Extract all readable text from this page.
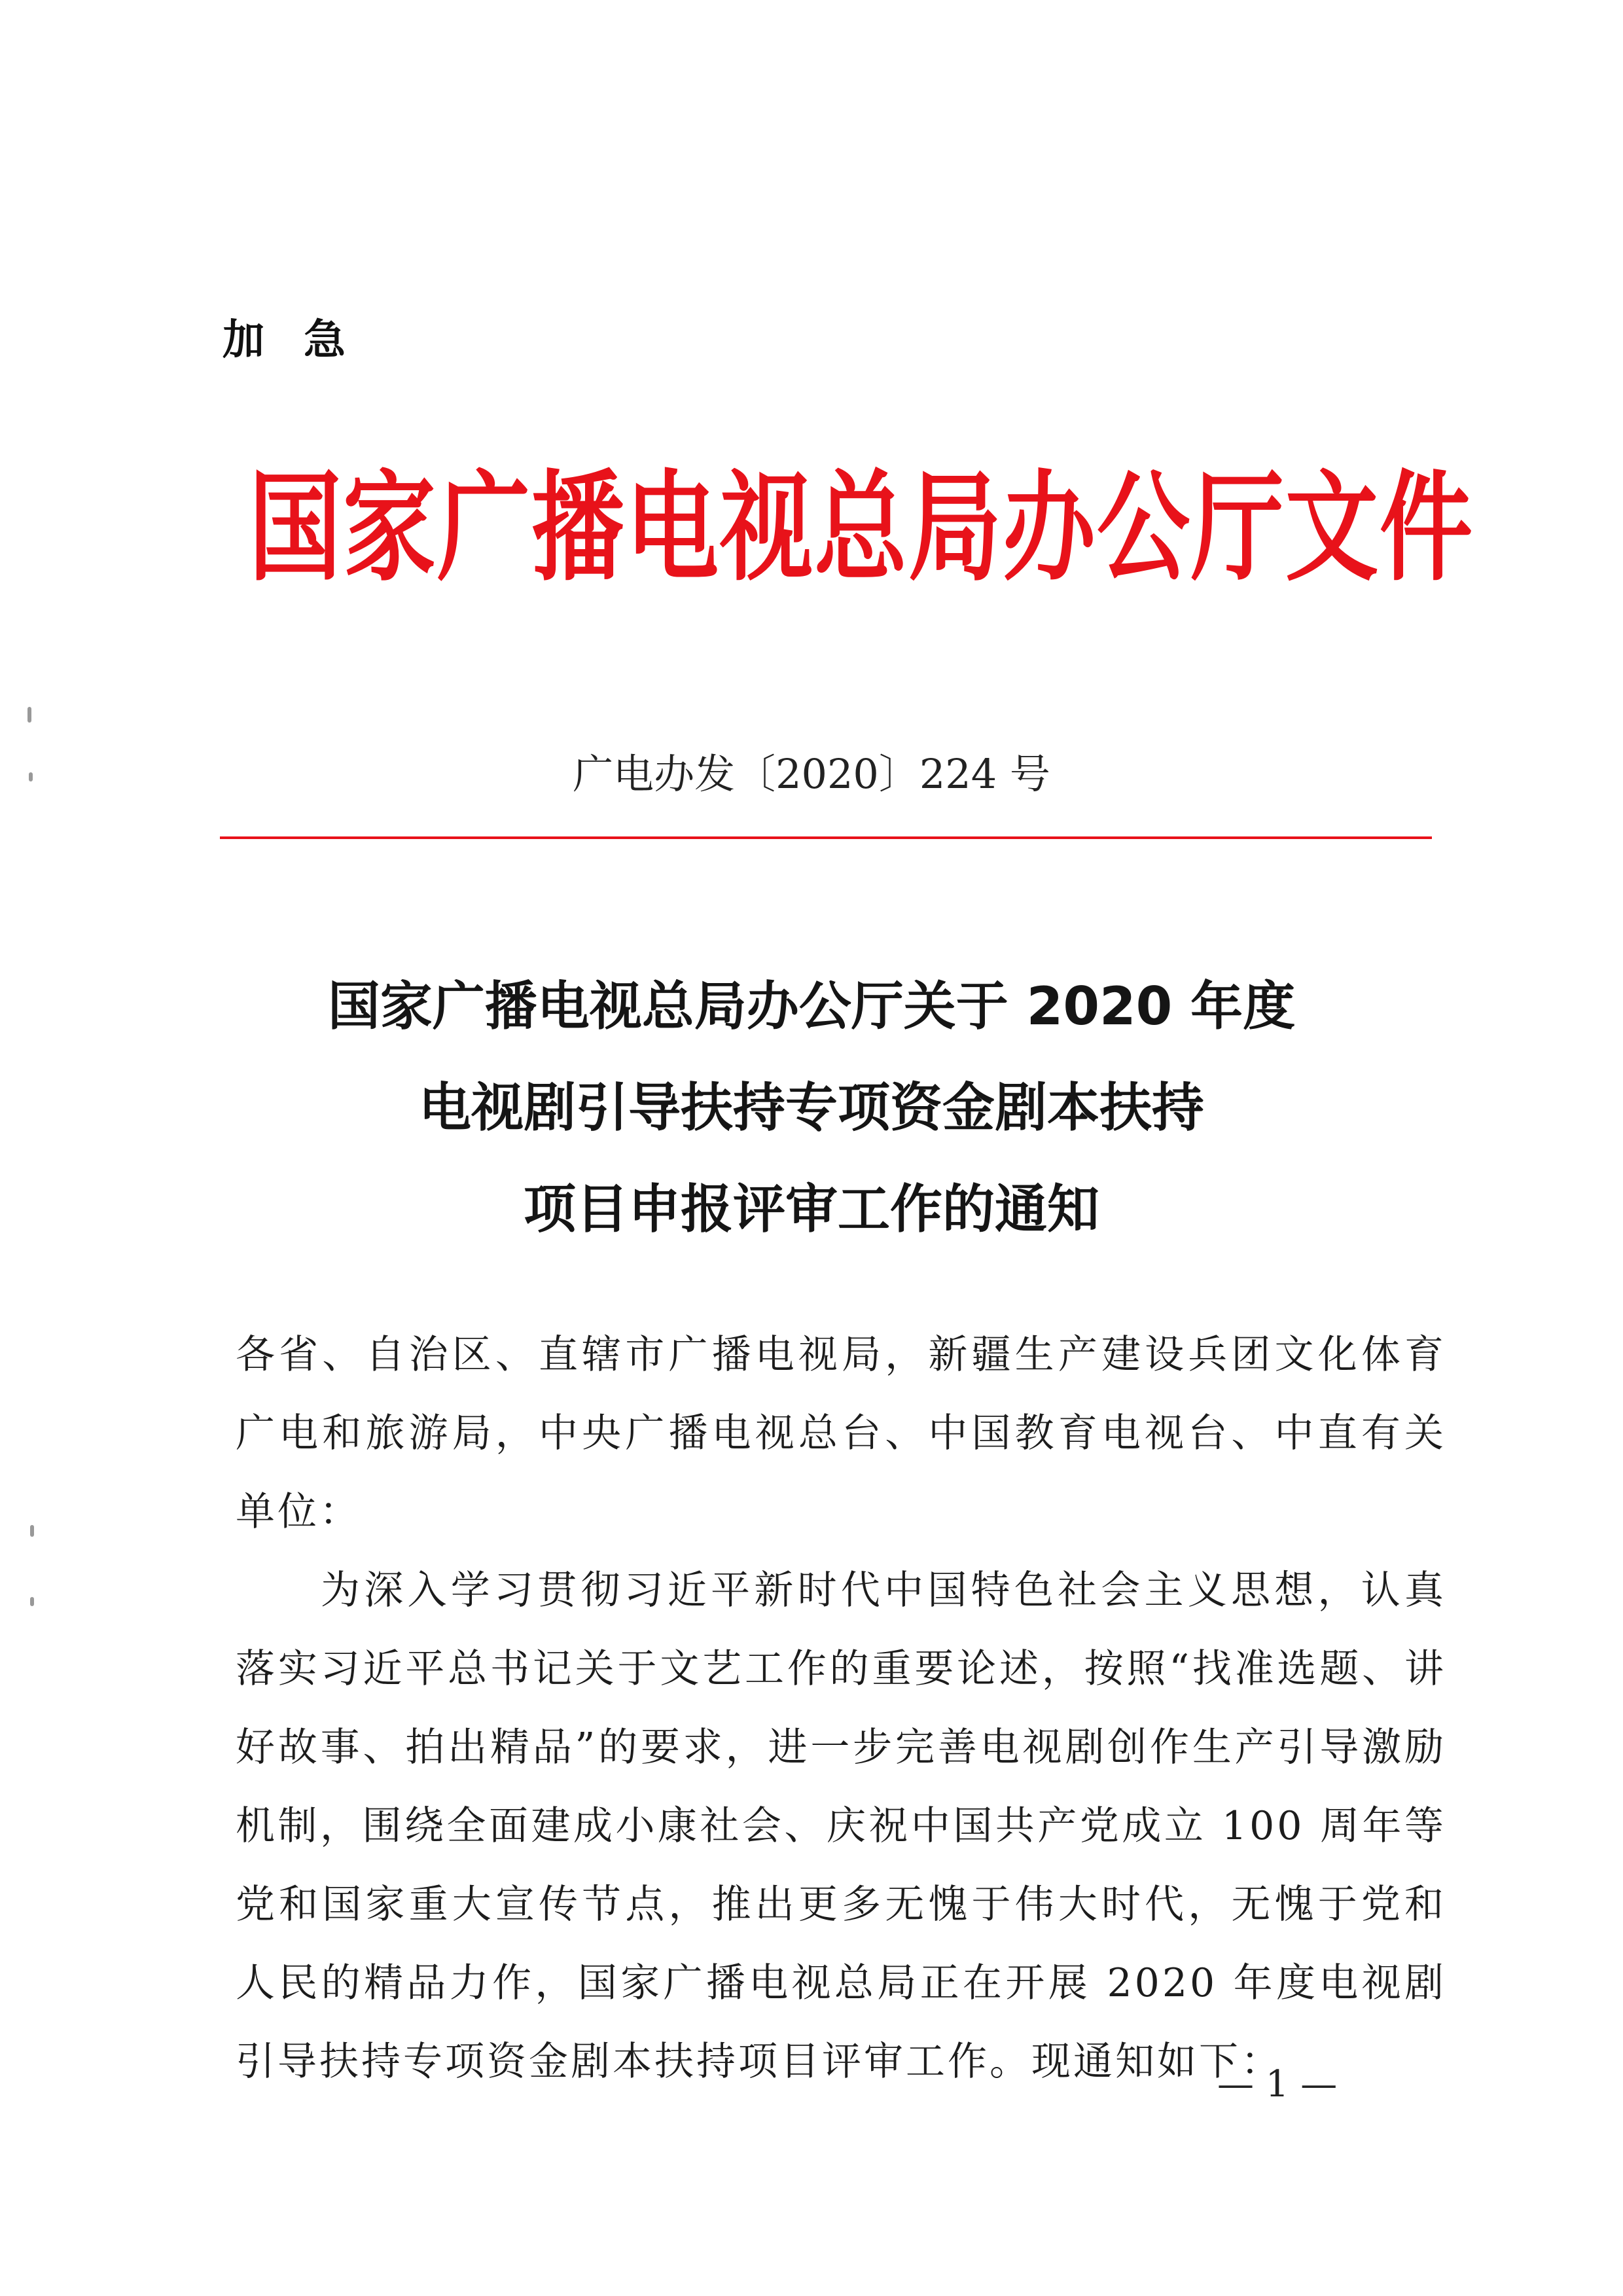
加急
国家广播电视总局办公厅文件
广电办发〔2020〕224 号
国家广播电视总局办公厅关于 2020 年度
电视剧引导扶持专项资金剧本扶持
项目申报评审工作的通知

各省、自治区、直辖市广播电视局，新疆生产建设兵团文化体育广电和旅游局，中央广播电视总台、中国教育电视台、中直有关单位：

为深入学习贯彻习近平新时代中国特色社会主义思想，认真落实习近平总书记关于文艺工作的重要论述，按照“找准选题、讲好故事、拍出精品”的要求，进一步完善电视剧创作生产引导激励机制，围绕全面建成小康社会、庆祝中国共产党成立 100 周年等党和国家重大宣传节点，推出更多无愧于伟大时代，无愧于党和人民的精品力作，国家广播电视总局正在开展 2020 年度电视剧引导扶持专项资金剧本扶持项目评审工作。现通知如下：

— 1 —
